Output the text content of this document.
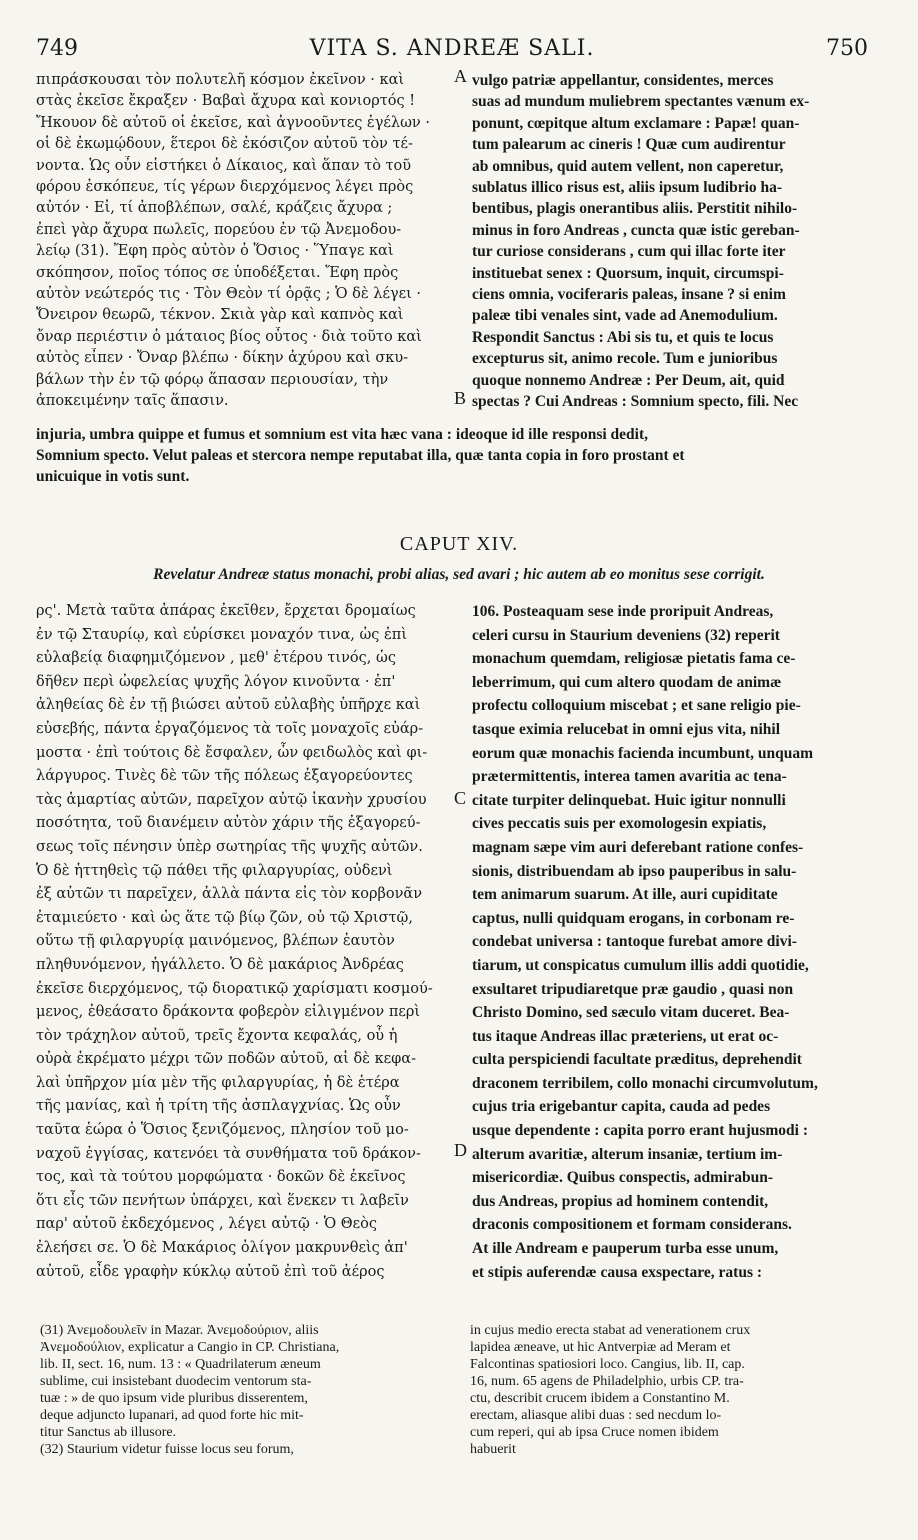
749	VITA S. ANDREÆ SALI.	750
πιπράσκουσαι τὸν πολυτελῆ κόσμον ἐκεῖνον · καὶ
στὰς ἐκεῖσε ἔκραξεν · Βαβαὶ ἄχυρα καὶ κονιορτός !
Ἤκουον δὲ αὐτοῦ οἱ ἐκεῖσε, καὶ ἀγνοοῦντες ἐγέλων ·
οἱ δὲ ἐκωμῴδουν, ἕτεροι δὲ ἐκόσιζον αὐτοῦ τὸν τέ-
νοντα. Ὡς οὖν εἱστήκει ὁ Δίκαιος, καὶ ἅπαν τὸ τοῦ
φόρου ἐσκόπευε, τίς γέρων διερχόμενος λέγει πρὸς
αὐτόν · Εἰ, τί ἀποβλέπων, σαλέ, κράζεις ἄχυρα ;
ἐπεὶ γὰρ ἄχυρα πωλεῖς, πορεύου ἐν τῷ Ἀνεμοδου-
λείῳ (31). Ἔφη πρὸς αὐτὸν ὁ Ὅσιος · Ὕπαγε καὶ
σκόπησον, ποῖος τόπος σε ὑποδέξεται. Ἔφη πρὸς
αὐτὸν νεώτερός τις · Τὸν Θεὸν τί ὁρᾷς ; Ὁ δὲ λέγει ·
Ὄνειρον θεωρῶ, τέκνον. Σκιὰ γὰρ καὶ καπνὸς καὶ
ὄναρ περιέστιν ὁ μάταιος βίος οὗτος · διὰ τοῦτο καὶ
αὐτὸς εἶπεν · Ὄναρ βλέπω · δίκην ἀχύρου καὶ σκυ-
βάλων τὴν ἐν τῷ φόρῳ ἅπασαν περιουσίαν, τὴν
ἀποκειμένην ταῖς ἅπασιν.
vulgo patriæ appellantur, considentes, merces
suas ad mundum muliebrem spectantes vænum ex-
ponunt, cœpitque altum exclamare : Papæ! quan-
tum palearum ac cineris ! Quæ cum audirentur
ab omnibus, quid autem vellent, non caperetur,
sublatus illico risus est, aliis ipsum ludibrio ha-
bentibus, plagis onerantibus aliis. Perstitit nihilo-
minus in foro Andreas , cuncta quæ istic gereban-
tur curiose considerans , cum qui illac forte iter
instituebat senex : Quorsum, inquit, circumspi-
ciens omnia, vociferaris paleas, insane ? si enim
paleæ tibi venales sint, vade ad Anemodulium.
Respondit Sanctus : Abi sis tu, et quis te locus
excepturus sit, animo recole. Tum e junioribus
quoque nonnemo Andreæ : Per Deum, ait, quid
spectas ? Cui Andreas : Somnium specto, fili. Nec
A
B
injuria, umbra quippe et fumus et somnium est vita hæc vana : ideoque id ille responsi dedit,
Somnium specto. Velut paleas et stercora nempe reputabat illa, quæ tanta copia in foro prostant et
unicuique in votis sunt.
CAPUT XIV.
Revelatur Andreæ status monachi, probi alias, sed avari ; hic autem ab eo monitus sese corrigit.
ρς'. Μετὰ ταῦτα ἀπάρας ἐκεῖθεν, ἔρχεται δρομαίως
ἐν τῷ Σταυρίῳ, καὶ εὑρίσκει μοναχόν τινα, ὡς ἐπὶ
εὐλαβείᾳ διαφημιζόμενον , μεθ' ἑτέρου τινός, ὡς
δῆθεν περὶ ὠφελείας ψυχῆς λόγον κινοῦντα · ἐπ'
ἀληθείας δὲ ἐν τῇ βιώσει αὐτοῦ εὐλαβὴς ὑπῆρχε καὶ
εὐσεβής, πάντα ἐργαζόμενος τὰ τοῖς μοναχοῖς εὐάρ-
μοστα · ἐπὶ τούτοις δὲ ἔσφαλεν, ὧν φειδωλὸς καὶ φι-
λάργυρος. Τινὲς δὲ τῶν τῆς πόλεως ἐξαγορεύοντες
τὰς ἁμαρτίας αὐτῶν, παρεῖχον αὐτῷ ἱκανὴν χρυσίου
ποσότητα, τοῦ διανέμειν αὐτὸν χάριν τῆς ἐξαγορεύ-
σεως τοῖς πένησιν ὑπὲρ σωτηρίας τῆς ψυχῆς αὐτῶν.
Ὁ δὲ ἡττηθεὶς τῷ πάθει τῆς φιλαργυρίας, οὐδενὶ
ἐξ αὐτῶν τι παρεῖχεν, ἀλλὰ πάντα εἰς τὸν κορβονᾶν
ἐταμιεύετο · καὶ ὡς ἅτε τῷ βίῳ ζῶν, οὐ τῷ Χριστῷ,
οὕτω τῇ φιλαργυρίᾳ μαινόμενος, βλέπων ἑαυτὸν
πληθυνόμενον, ἠγάλλετο. Ὁ δὲ μακάριος Ἀνδρέας
ἐκεῖσε διερχόμενος, τῷ διορατικῷ χαρίσματι κοσμού-
μενος, ἐθεάσατο δράκοντα φοβερὸν εἰλιγμένον περὶ
τὸν τράχηλον αὐτοῦ, τρεῖς ἔχοντα κεφαλάς, οὗ ἡ
οὐρὰ ἐκρέματο μέχρι τῶν ποδῶν αὐτοῦ, αἱ δὲ κεφα-
λαὶ ὑπῆρχον μία μὲν τῆς φιλαργυρίας, ἡ δὲ ἑτέρα
τῆς μανίας, καὶ ἡ τρίτη τῆς ἀσπλαγχνίας. Ὡς οὖν
ταῦτα ἑώρα ὁ Ὅσιος ξενιζόμενος, πλησίον τοῦ μο-
ναχοῦ ἐγγίσας, κατενόει τὰ συνθήματα τοῦ δράκον-
τος, καὶ τὰ τούτου μορφώματα · δοκῶν δὲ ἐκεῖνος
ὅτι εἷς τῶν πενήτων ὑπάρχει, καὶ ἕνεκεν τι λαβεῖν
παρ' αὐτοῦ ἐκδεχόμενος , λέγει αὐτῷ · Ὁ Θεὸς
ἐλεήσει σε. Ὁ δὲ Μακάριος ὀλίγον μακρυνθεὶς ἀπ'
αὐτοῦ, εἶδε γραφὴν κύκλῳ αὐτοῦ ἐπὶ τοῦ ἀέρος
106. Posteaquam sese inde proripuit Andreas,
celeri cursu in Staurium deveniens (32) reperit
monachum quemdam, religiosæ pietatis fama ce-
leberrimum, qui cum altero quodam de animæ
profectu colloquium miscebat ; et sane religio pie-
tasque eximia relucebat in omni ejus vita, nihil
eorum quæ monachis facienda incumbunt, unquam
prætermittentis, interea tamen avaritia ac tena-
citate turpiter delinquebat. Huic igitur nonnulli
cives peccatis suis per exomologesin expiatis,
magnam sæpe vim auri deferebant ratione confes-
sionis, distribuendam ab ipso pauperibus in salu-
tem animarum suarum. At ille, auri cupiditate
captus, nulli quidquam erogans, in corbonam re-
condebat universa : tantoque furebat amore divi-
tiarum, ut conspicatus cumulum illis addi quotidie,
exsultaret tripudiaretque præ gaudio , quasi non
Christo Domino, sed sæculo vitam duceret. Bea-
tus itaque Andreas illac præteriens, ut erat oc-
culta perspiciendi facultate præditus, deprehendit
draconem terribilem, collo monachi circumvolutum,
cujus tria erigebantur capita, cauda ad pedes
usque dependente : capita porro erant hujusmodi :
alterum avaritiæ, alterum insaniæ, tertium im-
misericordiæ. Quibus conspectis, admirabun-
dus Andreas, propius ad hominem contendit,
draconis compositionem et formam considerans.
At ille Andream e pauperum turba esse unum,
et stipis auferendæ causa exspectare, ratus :
C
D
(31) Ἀνεμοδουλεῖν in Mazar. Ἀνεμοδούριον, aliis
Ἀνεμοδούλιον, explicatur a Cangio in CP. Christiana,
lib. II, sect. 16, num. 13 : « Quadrilaterum æneum
sublime, cui insistebant duodecim ventorum sta-
tuæ : » de quo ipsum vide pluribus disserentem,
deque adjuncto lupanari, ad quod forte hic mit-
titur Sanctus ab illusore.
(32) Staurium videtur fuisse locus seu forum,
in cujus medio erecta stabat ad venerationem crux
lapidea æneave, ut hic Antverpiæ ad Meram et
Falcontinas spatiosiori loco. Cangius, lib. II, cap.
16, num. 65 agens de Philadelphio, urbis CP. tra-
ctu, describit crucem ibidem a Constantino M.
erectam, aliasque alibi duas : sed necdum lo-
cum reperi, qui ab ipsa Cruce nomen ibidem
habuerit
